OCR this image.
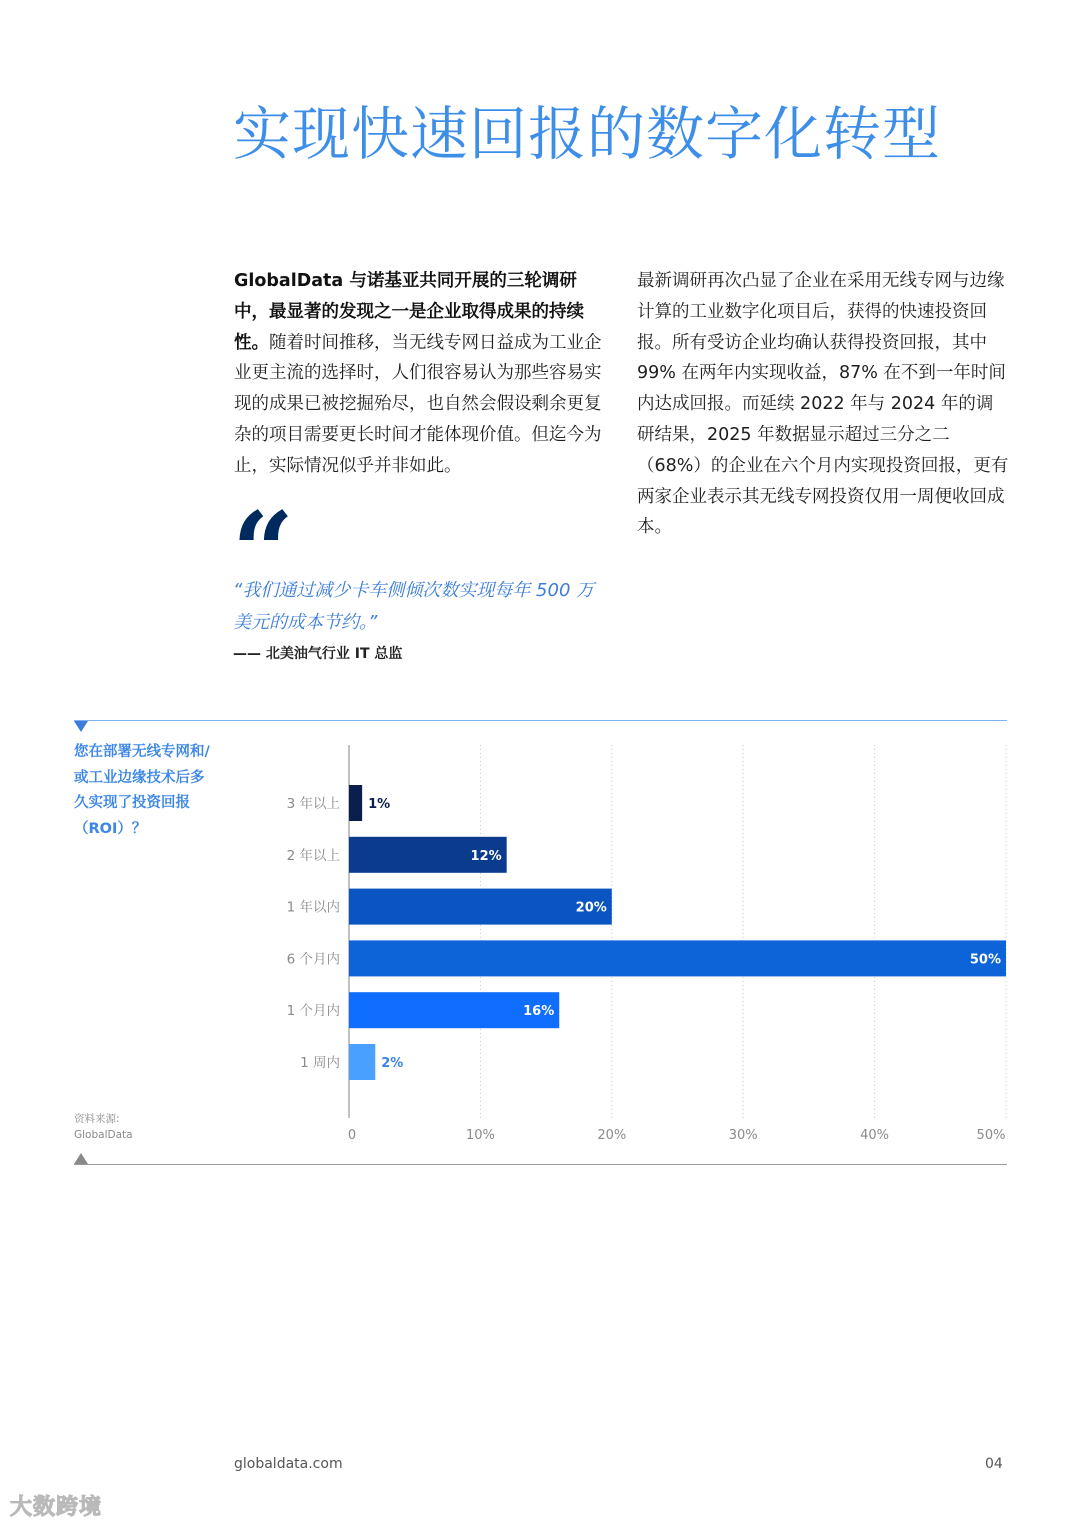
实现快速回报的数字化转型
GlobalData 与诺基亚共同开展的三轮调研中，最显著的发现之一是企业取得成果的持续性。随着时间推移，当无线专网日益成为工业企业更主流的选择时，人们很容易认为那些容易实现的成果已被挖掘殆尽，也自然会假设剩余更复杂的项目需要更长时间才能体现价值。但迄今为止，实际情况似乎并非如此。
最新调研再次凸显了企业在采用无线专网与边缘计算的工业数字化项目后，获得的快速投资回报。所有受访企业均确认获得投资回报，其中 99% 在两年内实现收益，87% 在不到一年时间内达成回报。而延续 2022 年与 2024 年的调研结果，2025 年数据显示超过三分之二（68%）的企业在六个月内实现投资回报，更有两家企业表示其无线专网投资仅用一周便收回成本。
“
“我们通过减少卡车侧倾次数实现每年 500 万美元的成本节约。”
—— 北美油气行业 IT 总监
您在部署无线专网和/或工业边缘技术后多久实现了投资回报（ROI）？
资料来源:
GlobalData	0	10%	20%	30%	40%	50%
3 年以上 1%
2 年以上	12%
1 年以内	20%
6 个月内	50%
1 个月内	16%
1 周内	2%
globaldata.com	04
大数跨境
